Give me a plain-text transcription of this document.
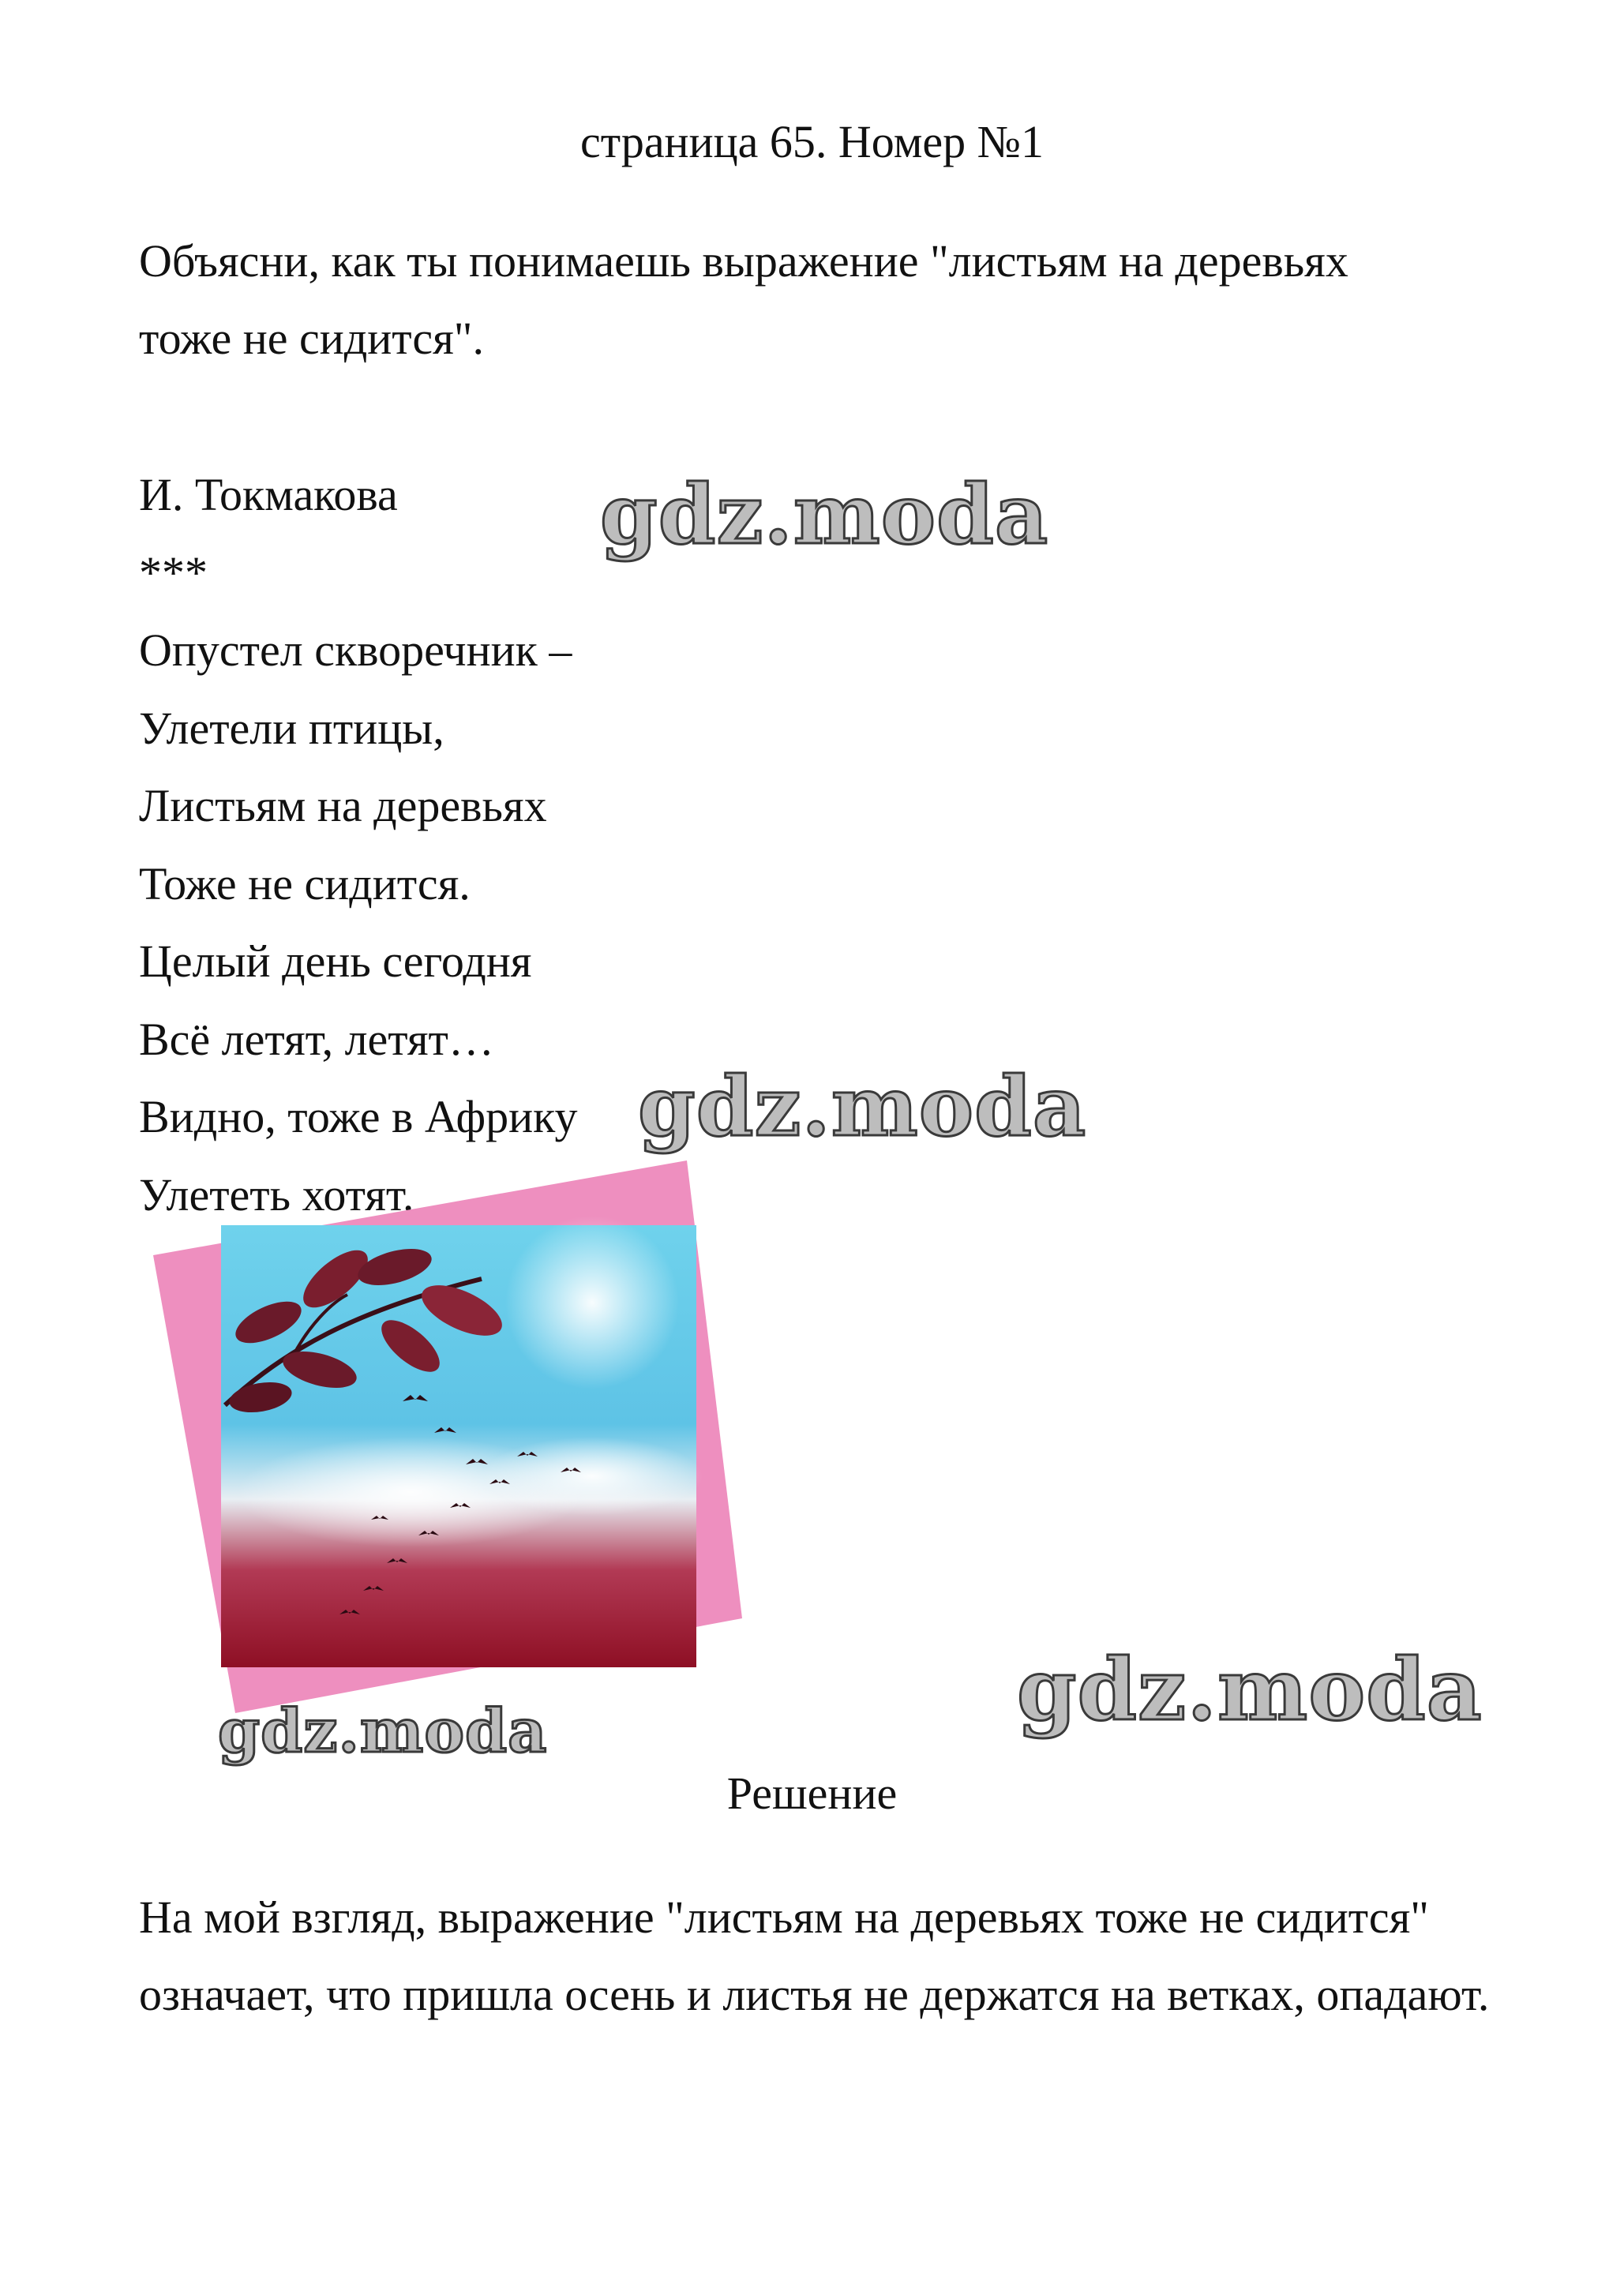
страница 65. Номер №1

Объясни, как ты понимаешь выражение "листьям на деревьях тоже не сидится".

И. Токмакова
***
Опустел скворечник –
Улетели птицы,
Листьям на деревьях
Тоже не сидится.
Целый день сегодня
Всё летят, летят…
Видно, тоже в Африку
Улететь хотят.
Решение

На мой взгляд, выражение "листьям на деревьях тоже не сидится" означает, что пришла осень и листья не держатся на ветках, опадают.

gdz.moda
gdz.moda
gdz.moda
gdz.moda
